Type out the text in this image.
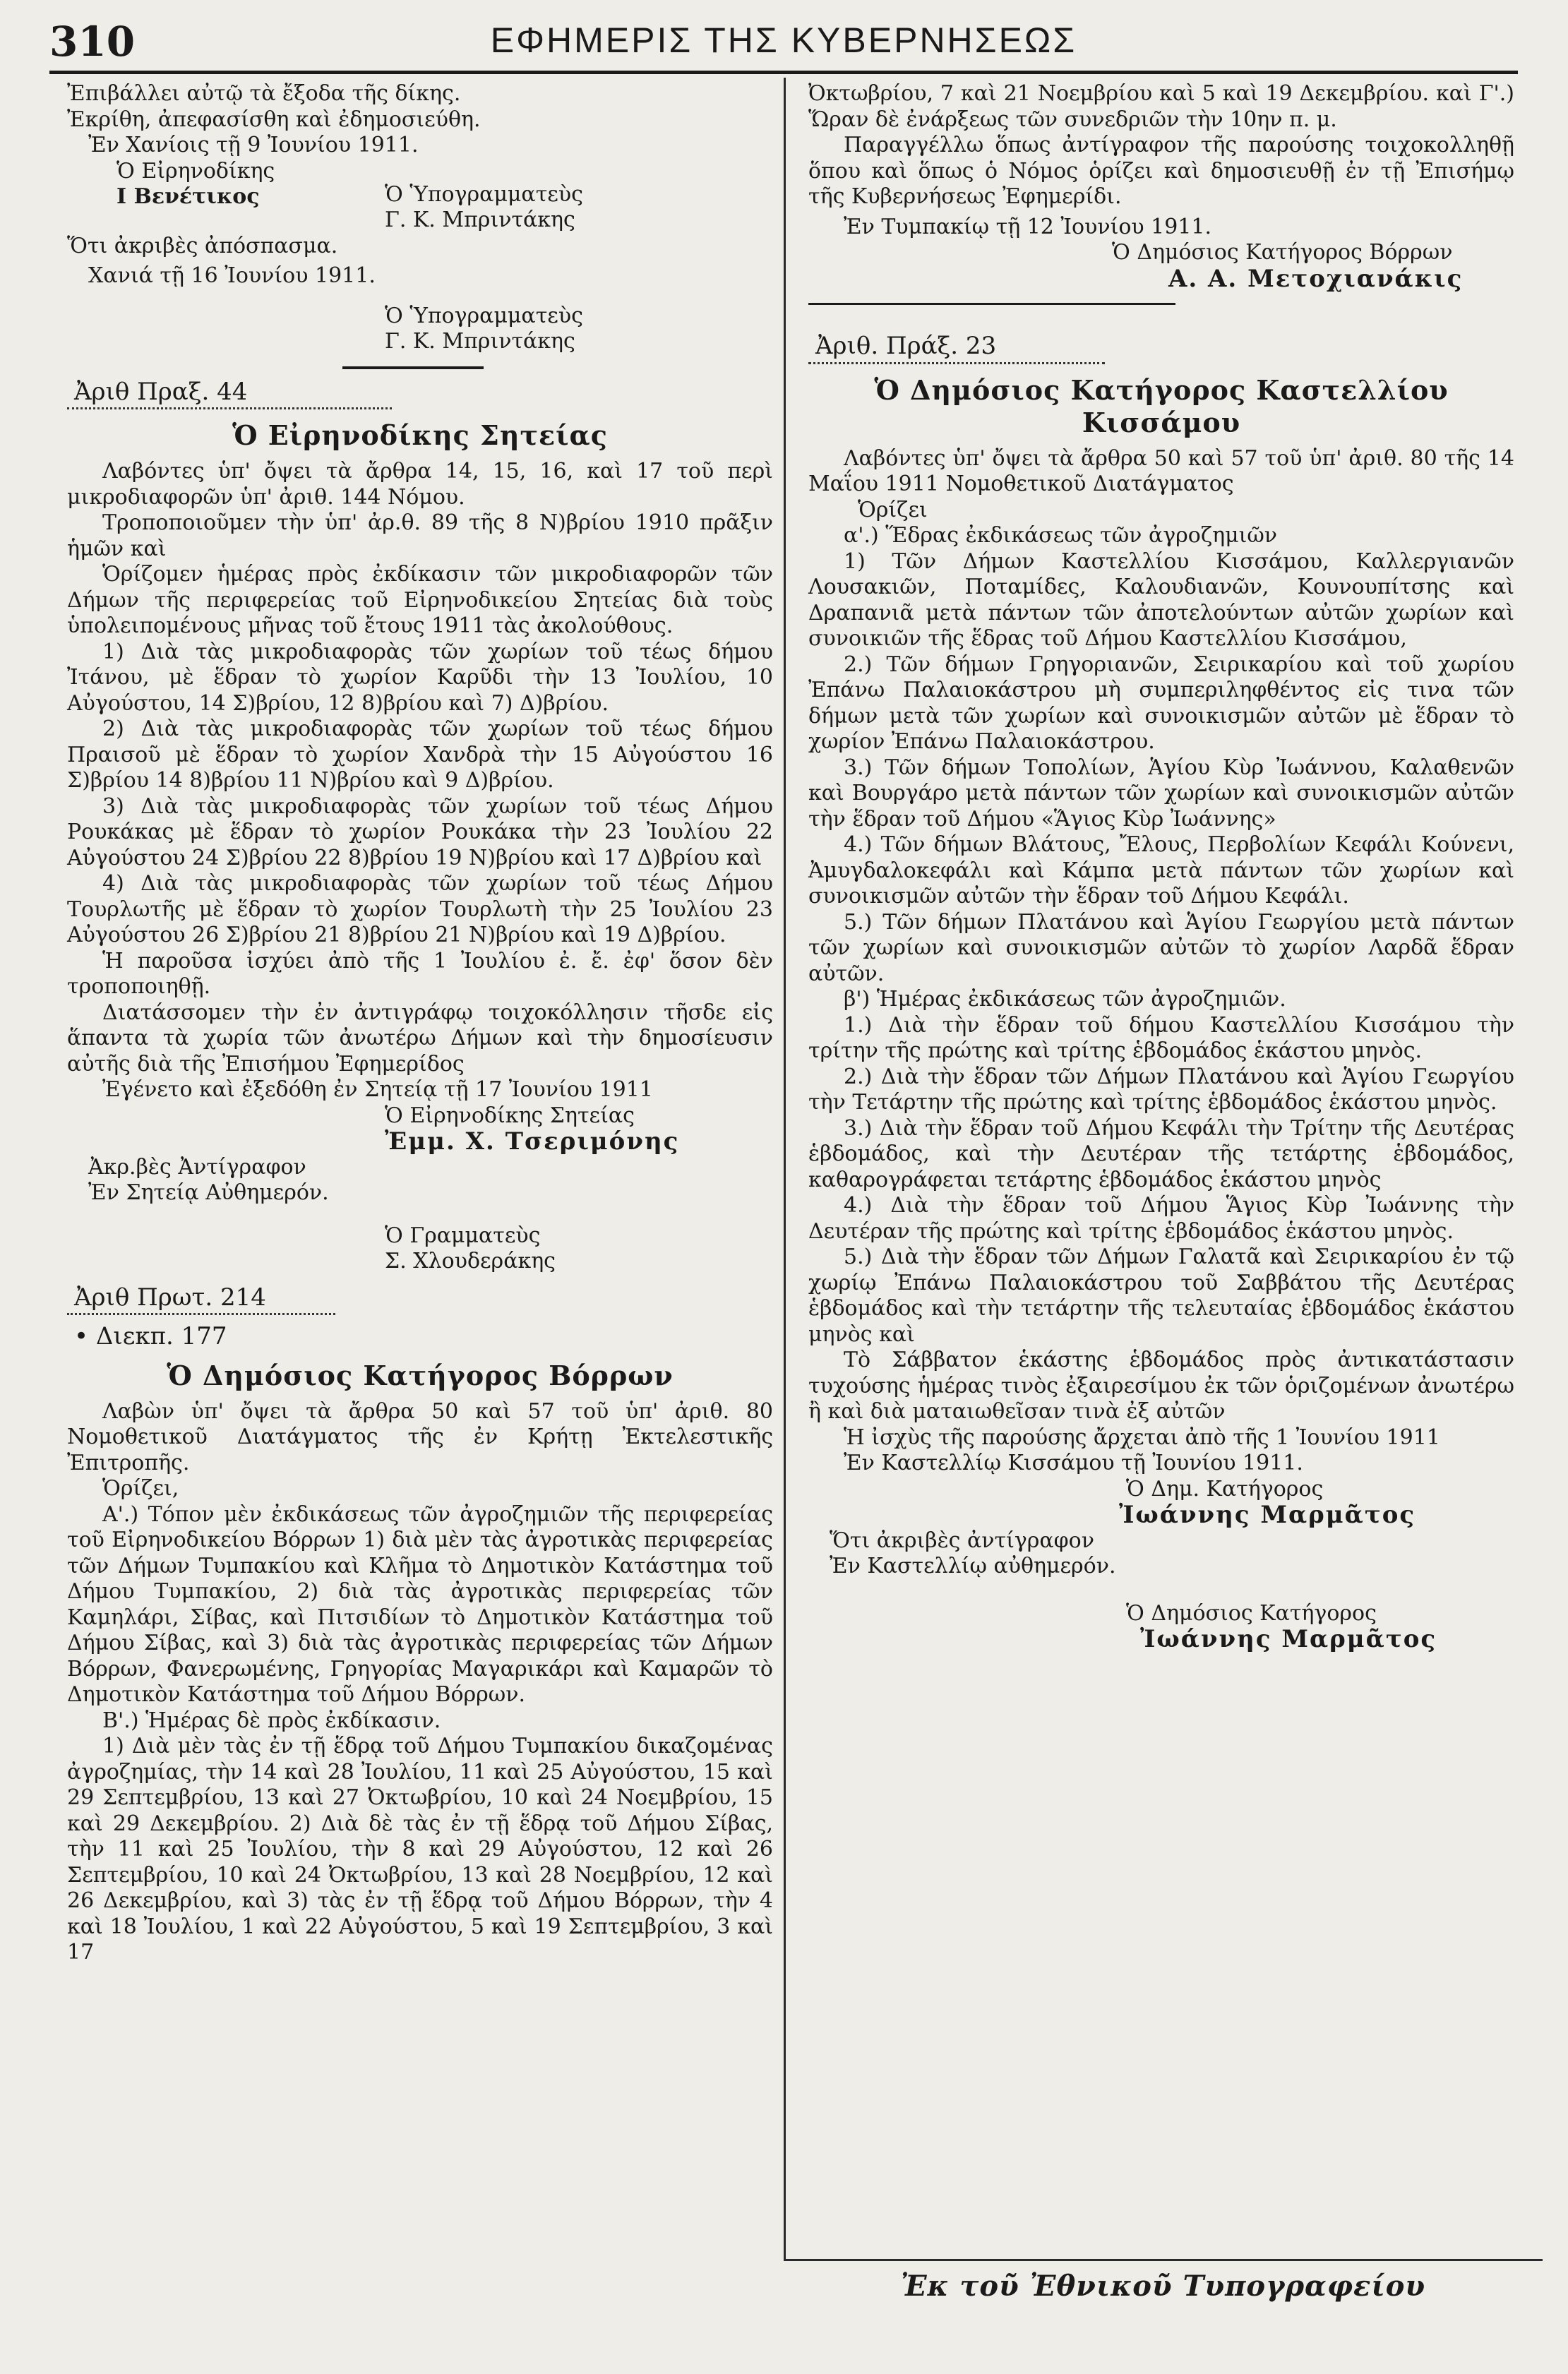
310	ΕΦΗΜΕΡΙΣ ΤΗΣ ΚΥΒΕΡΝΗΣΕΩΣ

Ἐπιβάλλει αὐτῷ τὰ ἔξοδα τῆς δίκης.

Ἐκρίθη, ἀπεφασίσθη καὶ ἐδημοσιεύθη.

Ἐν Χανίοις τῇ 9 Ἰουνίου 1911.

Ὁ Εἰρηνοδίκης

Ι Βενέτικος	Ὁ Ὑπογραμματεὺς

Γ. Κ. Μπριντάκης

Ὅτι ἀκριβὲς ἀπόσπασμα.

Χανιά τῇ 16 Ἰουνίου 1911.

Ὁ Ὑπογραμματεὺς

Γ. Κ. Μπριντάκης

Ἀριθ Πραξ. 44

Ὁ Εἰρηνοδίκης Σητείας

Λαβόντες ὑπ' ὄψει τὰ ἄρθρα 14, 15, 16, καὶ 17 τοῦ περὶ μικροδιαφορῶν ὑπ' ἀριθ. 144 Νόμου.

Τροποποιοῦμεν τὴν ὑπ' ἀρ.θ. 89 τῆς 8 Ν)βρίου 1910 πρᾶξιν ἡμῶν καὶ

Ὁρίζομεν ἡμέρας πρὸς ἐκδίκασιν τῶν μικροδιαφορῶν τῶν Δήμων τῆς περιφερείας τοῦ Εἰρηνοδικείου Σητείας διὰ τοὺς ὑπολειπομένους μῆνας τοῦ ἔτους 1911 τὰς ἀκολούθους.

1) Διὰ τὰς μικροδιαφορὰς τῶν χωρίων τοῦ τέως δήμου Ἰτάνου, μὲ ἕδραν τὸ χωρίον Καρῦδι τὴν 13 Ἰουλίου, 10 Αὐγούστου, 14 Σ)βρίου, 12 8)βρίου καὶ 7) Δ)βρίου.

2) Διὰ τὰς μικροδιαφορὰς τῶν χωρίων τοῦ τέως δήμου Πραισοῦ μὲ ἕδραν τὸ χωρίον Χανδρὰ τὴν 15 Αὐγούστου 16 Σ)βρίου 14 8)βρίου 11 Ν)βρίου καὶ 9 Δ)βρίου.

3) Διὰ τὰς μικροδιαφορὰς τῶν χωρίων τοῦ τέως Δήμου Ρουκάκας μὲ ἕδραν τὸ χωρίον Ρουκάκα τὴν 23 Ἰουλίου 22 Αὐγούστου 24 Σ)βρίου 22 8)βρίου 19 Ν)βρίου καὶ 17 Δ)βρίου καὶ

4) Διὰ τὰς μικροδιαφορὰς τῶν χωρίων τοῦ τέως Δήμου Τουρλωτῆς μὲ ἕδραν τὸ χωρίον Τουρλωτὴ τὴν 25 Ἰουλίου 23 Αὐγούστου 26 Σ)βρίου 21 8)βρίου 21 Ν)βρίου καὶ 19 Δ)βρίου.

Ἡ παροῦσα ἰσχύει ἀπὸ τῆς 1 Ἰουλίου ἐ. ἔ. ἐφ' ὅσον δὲν τροποποιηθῇ.

Διατάσσομεν τὴν ἐν ἀντιγράφῳ τοιχοκόλλησιν τῆσδε εἰς ἅπαντα τὰ χωρία τῶν ἀνωτέρω Δήμων καὶ τὴν δημοσίευσιν αὐτῆς διὰ τῆς Ἐπισήμου Ἐφημερίδος

Ἐγένετο καὶ ἐξεδόθη ἐν Σητείᾳ τῇ 17 Ἰουνίου 1911

Ὁ Εἰρηνοδίκης Σητείας

Ἐμμ. Χ. Τσεριμόνης

Ἀκρ.βὲς Ἀντίγραφον

Ἐν Σητείᾳ Αὐθημερόν.

Ὁ Γραμματεὺς

Σ. Χλουδεράκης

Ἀριθ Πρωτ. 214

• Διεκπ. 177

Ὁ Δημόσιος Κατήγορος Βόρρων

Λαβὼν ὑπ' ὄψει τὰ ἄρθρα 50 καὶ 57 τοῦ ὑπ' ἀριθ. 80 Νομοθετικοῦ Διατάγματος τῆς ἐν Κρήτῃ Ἐκτελεστικῆς Ἐπιτροπῆς.

Ὁρίζει,

Α'.) Τόπον μὲν ἐκδικάσεως τῶν ἀγροζημιῶν τῆς περιφερείας τοῦ Εἰρηνοδικείου Βόρρων 1) διὰ μὲν τὰς ἀγροτικὰς περιφερείας τῶν Δήμων Τυμπακίου καὶ Κλῆμα τὸ Δημοτικὸν Κατάστημα τοῦ Δήμου Τυμπακίου, 2) διὰ τὰς ἀγροτικὰς περιφερείας τῶν Καμηλάρι, Σίβας, καὶ Πιτσιδίων τὸ Δημοτικὸν Κατάστημα τοῦ Δήμου Σίβας, καὶ 3) διὰ τὰς ἀγροτικὰς περιφερείας τῶν Δήμων Βόρρων, Φανερωμένης, Γρηγορίας Μαγαρικάρι καὶ Καμαρῶν τὸ Δημοτικὸν Κατάστημα τοῦ Δήμου Βόρρων.

Β'.) Ἡμέρας δὲ πρὸς ἐκδίκασιν.

1) Διὰ μὲν τὰς ἐν τῇ ἕδρᾳ τοῦ Δήμου Τυμπακίου δικαζομένας ἀγροζημίας, τὴν 14 καὶ 28 Ἰουλίου, 11 καὶ 25 Αὐγούστου, 15 καὶ 29 Σεπτεμβρίου, 13 καὶ 27 Ὀκτωβρίου, 10 καὶ 24 Νοεμβρίου, 15 καὶ 29 Δεκεμβρίου. 2) Διὰ δὲ τὰς ἐν τῇ ἕδρᾳ τοῦ Δήμου Σίβας, τὴν 11 καὶ 25 Ἰουλίου, τὴν 8 καὶ 29 Αὐγούστου, 12 καὶ 26 Σεπτεμβρίου, 10 καὶ 24 Ὀκτωβρίου, 13 καὶ 28 Νοεμβρίου, 12 καὶ 26 Δεκεμβρίου, καὶ 3) τὰς ἐν τῇ ἕδρᾳ τοῦ Δήμου Βόρρων, τὴν 4 καὶ 18 Ἰουλίου, 1 καὶ 22 Αὐγούστου, 5 καὶ 19 Σεπτεμβρίου, 3 καὶ 17

Ὀκτωβρίου, 7 καὶ 21 Νοεμβρίου καὶ 5 καὶ 19 Δεκεμβρίου. καὶ Γ'.) Ὥραν δὲ ἐνάρξεως τῶν συνεδριῶν τὴν 10ην π. μ.

Παραγγέλλω ὅπως ἀντίγραφον τῆς παρούσης τοιχοκολληθῇ ὅπου καὶ ὅπως ὁ Νόμος ὁρίζει καὶ δημοσιευθῇ ἐν τῇ Ἐπισήμῳ τῆς Κυβερνήσεως Ἐφημερίδι.

Ἐν Τυμπακίῳ τῇ 12 Ἰουνίου 1911.

Ὁ Δημόσιος Κατήγορος Βόρρων

Α. Α. Μετοχιανάκις

Ἀριθ. Πράξ. 23

Ὁ Δημόσιος Κατήγορος Καστελλίου

Κισσάμου

Λαβόντες ὑπ' ὄψει τὰ ἄρθρα 50 καὶ 57 τοῦ ὑπ' ἀριθ. 80 τῆς 14 Μαΐου 1911 Νομοθετικοῦ Διατάγματος

Ὁρίζει

α'.) Ἕδρας ἐκδικάσεως τῶν ἀγροζημιῶν

1) Τῶν Δήμων Καστελλίου Κισσάμου, Καλλεργιανῶν Λουσακιῶν, Ποταμίδες, Καλουδιανῶν, Κουνουπίτσης καὶ Δραπανιᾶ μετὰ πάντων τῶν ἀποτελούντων αὐτῶν χωρίων καὶ συνοικιῶν τῆς ἕδρας τοῦ Δήμου Καστελλίου Κισσάμου,

2.) Τῶν δήμων Γρηγοριανῶν, Σειρικαρίου καὶ τοῦ χωρίου Ἐπάνω Παλαιοκάστρου μὴ συμπεριληφθέντος εἰς τινα τῶν δήμων μετὰ τῶν χωρίων καὶ συνοικισμῶν αὐτῶν μὲ ἕδραν τὸ χωρίον Ἐπάνω Παλαιοκάστρου.

3.) Τῶν δήμων Τοπολίων, Ἁγίου Κὺρ Ἰωάννου, Καλαθενῶν καὶ Βουργάρο μετὰ πάντων τῶν χωρίων καὶ συνοικισμῶν αὐτῶν τὴν ἕδραν τοῦ Δήμου «Ἅγιος Κὺρ Ἰωάννης»

4.) Τῶν δήμων Βλάτους, Ἔλους, Περβολίων Κεφάλι Κούνενι, Ἀμυγδαλοκεφάλι καὶ Κάμπα μετὰ πάντων τῶν χωρίων καὶ συνοικισμῶν αὐτῶν τὴν ἕδραν τοῦ Δήμου Κεφάλι.

5.) Τῶν δήμων Πλατάνου καὶ Ἁγίου Γεωργίου μετὰ πάντων τῶν χωρίων καὶ συνοικισμῶν αὐτῶν τὸ χωρίον Λαρδᾶ ἕδραν αὐτῶν.

β') Ἡμέρας ἐκδικάσεως τῶν ἀγροζημιῶν.

1.) Διὰ τὴν ἕδραν τοῦ δήμου Καστελλίου Κισσάμου τὴν τρίτην τῆς πρώτης καὶ τρίτης ἑβδομάδος ἑκάστου μηνὸς.

2.) Διὰ τὴν ἕδραν τῶν Δήμων Πλατάνου καὶ Ἁγίου Γεωργίου τὴν Τετάρτην τῆς πρώτης καὶ τρίτης ἑβδομάδος ἑκάστου μηνὸς.

3.) Διὰ τὴν ἕδραν τοῦ Δήμου Κεφάλι τὴν Τρίτην τῆς Δευτέρας ἑβδομάδος, καὶ τὴν Δευτέραν τῆς τετάρτης ἑβδομάδος, καθαρογράφεται τετάρτης ἑβδομάδος ἑκάστου μηνὸς

4.) Διὰ τὴν ἕδραν τοῦ Δήμου Ἅγιος Κὺρ Ἰωάννης τὴν Δευτέραν τῆς πρώτης καὶ τρίτης ἑβδομάδος ἑκάστου μηνὸς.

5.) Διὰ τὴν ἕδραν τῶν Δήμων Γαλατᾶ καὶ Σειρικαρίου ἐν τῷ χωρίῳ Ἐπάνω Παλαιοκάστρου τοῦ Σαββάτου τῆς Δευτέρας ἑβδομάδος καὶ τὴν τετάρτην τῆς τελευταίας ἑβδομάδος ἑκάστου μηνὸς καὶ

Τὸ Σάββατον ἑκάστης ἑβδομάδος πρὸς ἀντικατάστασιν τυχούσης ἡμέρας τινὸς ἐξαιρεσίμου ἐκ τῶν ὁριζομένων ἀνωτέρω ἢ καὶ διὰ ματαιωθεῖσαν τινὰ ἐξ αὐτῶν

Ἡ ἰσχὺς τῆς παρούσης ἄρχεται ἀπὸ τῆς 1 Ἰουνίου 1911

Ἐν Καστελλίῳ Κισσάμου τῇ Ἰουνίου 1911.

Ὁ Δημ. Κατήγορος

Ἰωάννης Μαρμᾶτος

Ὅτι ἀκριβὲς ἀντίγραφον

Ἐν Καστελλίῳ αὐθημερόν.

Ὁ Δημόσιος Κατήγορος

Ἰωάννης Μαρμᾶτος

Ἐκ τοῦ Ἐθνικοῦ Τυπογραφείου
